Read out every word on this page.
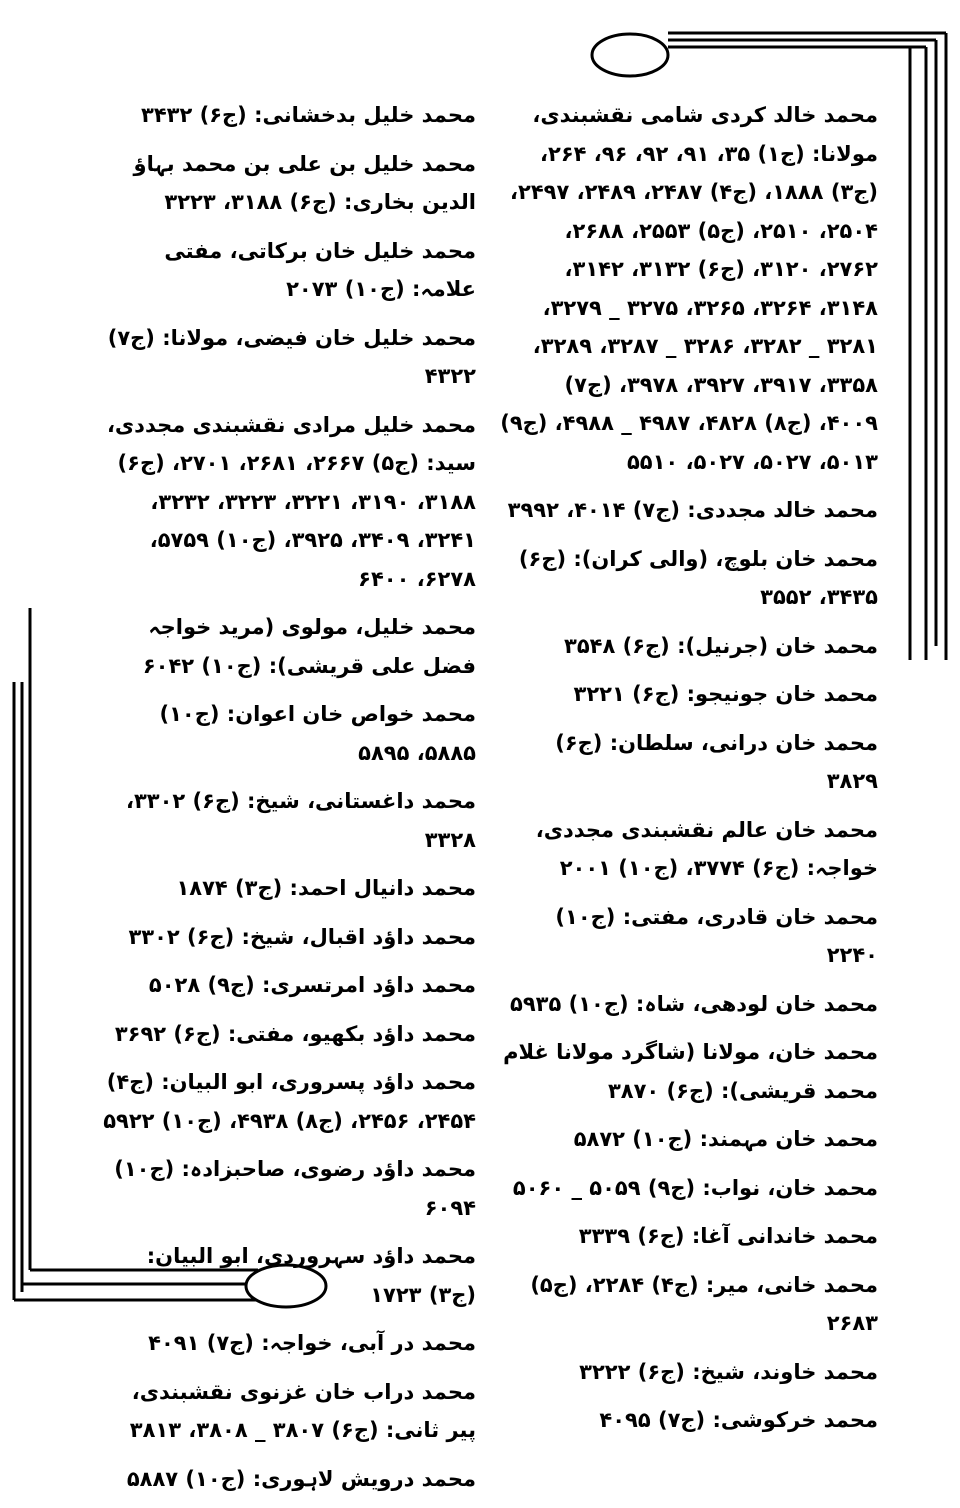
محمد خالد کردی شامی نقشبندی، مولانا: (ج۱) ۳۵، ۹۱، ۹۲، ۹۶، ۲۶۴، (ج۳) ۱۸۸۸، (ج۴) ۲۴۸۷، ۲۴۸۹، ۲۴۹۷، ۲۵۰۴، ۲۵۱۰، (ج۵) ۲۵۵۳، ۲۶۸۸، ۲۷۶۲، ۳۱۲۰، (ج۶) ۳۱۳۲، ۳۱۴۲، ۳۱۴۸، ۳۲۶۴، ۳۲۶۵، ۳۲۷۵ _ ۳۲۷۹، ۳۲۸۱ _ ۳۲۸۲، ۳۲۸۶ _ ۳۲۸۷، ۳۲۸۹، ۳۳۵۸، ۳۹۱۷، ۳۹۲۷، ۳۹۷۸، (ج۷) ۴۰۰۹، (ج۸) ۴۸۲۸، ۴۹۸۷ _ ۴۹۸۸، (ج۹) ۵۰۱۳، ۵۰۲۷، ۵۰۲۷، ۵۵۱۰
محمد خالد مجددی: (ج۷) ۴۰۱۴، ۳۹۹۲
محمد خان بلوچ، (والی کران): (ج۶) ۳۴۳۵، ۳۵۵۲
محمد خان (جرنیل): (ج۶) ۳۵۴۸
محمد خان جونیجو: (ج۶) ۳۲۲۱
محمد خان درانی، سلطان: (ج۶) ۳۸۲۹
محمد خان عالم نقشبندی مجددی، خواجہ: (ج۶) ۳۷۷۴، (ج۱۰) ۲۰۰۱
محمد خان قادری، مفتی: (ج۱۰) ۲۲۴۰
محمد خان لودھی، شاہ: (ج۱۰) ۵۹۳۵
محمد خان، مولانا (شاگرد مولانا غلام محمد قریشی): (ج۶) ۳۸۷۰
محمد خان مہمند: (ج۱۰) ۵۸۷۲
محمد خان، نواب: (ج۹) ۵۰۵۹ _ ۵۰۶۰
محمد خاندانی آغا: (ج۶) ۳۳۳۹
محمد خانی، میر: (ج۴) ۲۲۸۴، (ج۵) ۲۶۸۳
محمد خاوند، شیخ: (ج۶) ۳۲۲۲
محمد خرکوشی: (ج۷) ۴۰۹۵
محمد خلیل بدخشانی: (ج۶) ۳۴۳۲
محمد خلیل بن علی بن محمد بہاؤ الدین بخاری: (ج۶) ۳۱۸۸، ۳۲۲۳
محمد خلیل خان برکاتی، مفتی علامہ: (ج۱۰) ۲۰۷۳
محمد خلیل خان فیضی، مولانا: (ج۷) ۴۳۲۲
محمد خلیل مرادی نقشبندی مجددی، سید: (ج۵) ۲۶۶۷، ۲۶۸۱، ۲۷۰۱، (ج۶) ۳۱۸۸، ۳۱۹۰، ۳۲۲۱، ۳۲۲۳، ۳۲۳۲، ۳۲۴۱، ۳۴۰۹، ۳۹۲۵، (ج۱۰) ۵۷۵۹، ۶۲۷۸، ۶۴۰۰
محمد خلیل، مولوی (مرید خواجہ فضل علی قریشی): (ج۱۰) ۶۰۴۲
محمد خواص خان اعوان: (ج۱۰) ۵۸۸۵، ۵۸۹۵
محمد داغستانی، شیخ: (ج۶) ۳۳۰۲، ۳۳۲۸
محمد دانیال احمد: (ج۳) ۱۸۷۴
محمد داؤد اقبال، شیخ: (ج۶) ۳۳۰۲
محمد داؤد امرتسری: (ج۹) ۵۰۲۸
محمد داؤد بکھیو، مفتی: (ج۶) ۳۶۹۲
محمد داؤد پسروری، ابو البیان: (ج۴) ۲۴۵۴، ۲۴۵۶، (ج۸) ۴۹۳۸، (ج۱۰) ۵۹۲۲
محمد داؤد رضوی، صاحبزادہ: (ج۱۰) ۶۰۹۴
محمد داؤد سہروردی، ابو البیان: (ج۳) ۱۷۲۳
محمد در آبی، خواجہ: (ج۷) ۴۰۹۱
محمد دراب خان غزنوی نقشبندی، پیر ثانی: (ج۶) ۳۸۰۷ _ ۳۸۰۸، ۳۸۱۳
محمد درویش لاہوری: (ج۱۰) ۵۸۸۷
